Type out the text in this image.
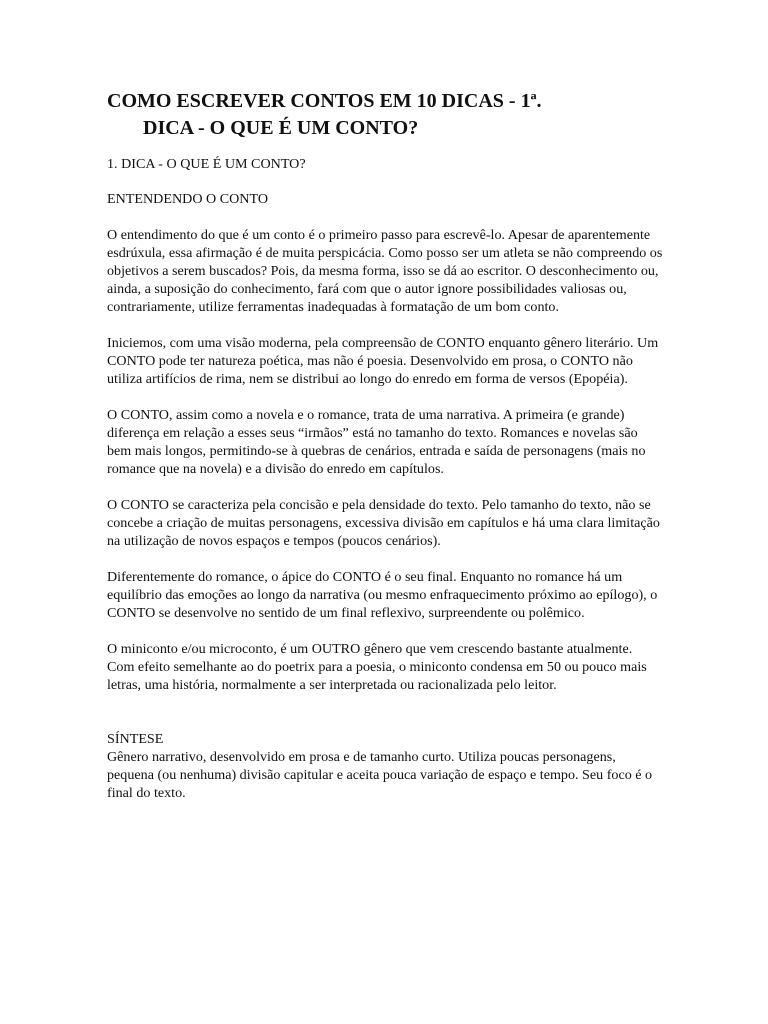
COMO ESCREVER CONTOS EM 10 DICAS - 1ª.
DICA - O QUE É UM CONTO?

1. DICA - O QUE É UM CONTO?

ENTENDENDO O CONTO

O entendimento do que é um conto é o primeiro passo para escrevê-lo. Apesar de aparentemente esdrúxula, essa afirmação é de muita perspicácia. Como posso ser um atleta se não compreendo os objetivos a serem buscados? Pois, da mesma forma, isso se dá ao escritor. O desconhecimento ou, ainda, a suposição do conhecimento, fará com que o autor ignore possibilidades valiosas ou, contrariamente, utilize ferramentas inadequadas à formatação de um bom conto.

Iniciemos, com uma visão moderna, pela compreensão de CONTO enquanto gênero literário. Um CONTO pode ter natureza poética, mas não é poesia. Desenvolvido em prosa, o CONTO não utiliza artifícios de rima, nem se distribui ao longo do enredo em forma de versos (Epopéia).

O CONTO, assim como a novela e o romance, trata de uma narrativa. A primeira (e grande) diferença em relação a esses seus “irmãos” está no tamanho do texto. Romances e novelas são bem mais longos, permitindo-se à quebras de cenários, entrada e saída de personagens (mais no romance que na novela) e a divisão do enredo em capítulos.

O CONTO se caracteriza pela concisão e pela densidade do texto. Pelo tamanho do texto, não se concebe a criação de muitas personagens, excessiva divisão em capítulos e há uma clara limitação na utilização de novos espaços e tempos (poucos cenários).

Diferentemente do romance, o ápice do CONTO é o seu final. Enquanto no romance há um equilíbrio das emoções ao longo da narrativa (ou mesmo enfraquecimento próximo ao epílogo), o CONTO se desenvolve no sentido de um final reflexivo, surpreendente ou polêmico.

O miniconto e/ou microconto, é um OUTRO gênero que vem crescendo bastante atualmente. Com efeito semelhante ao do poetrix para a poesia, o miniconto condensa em 50 ou pouco mais letras, uma história, normalmente a ser interpretada ou racionalizada pelo leitor.

SÍNTESE

Gênero narrativo, desenvolvido em prosa e de tamanho curto. Utiliza poucas personagens, pequena (ou nenhuma) divisão capitular e aceita pouca variação de espaço e tempo. Seu foco é o final do texto.
